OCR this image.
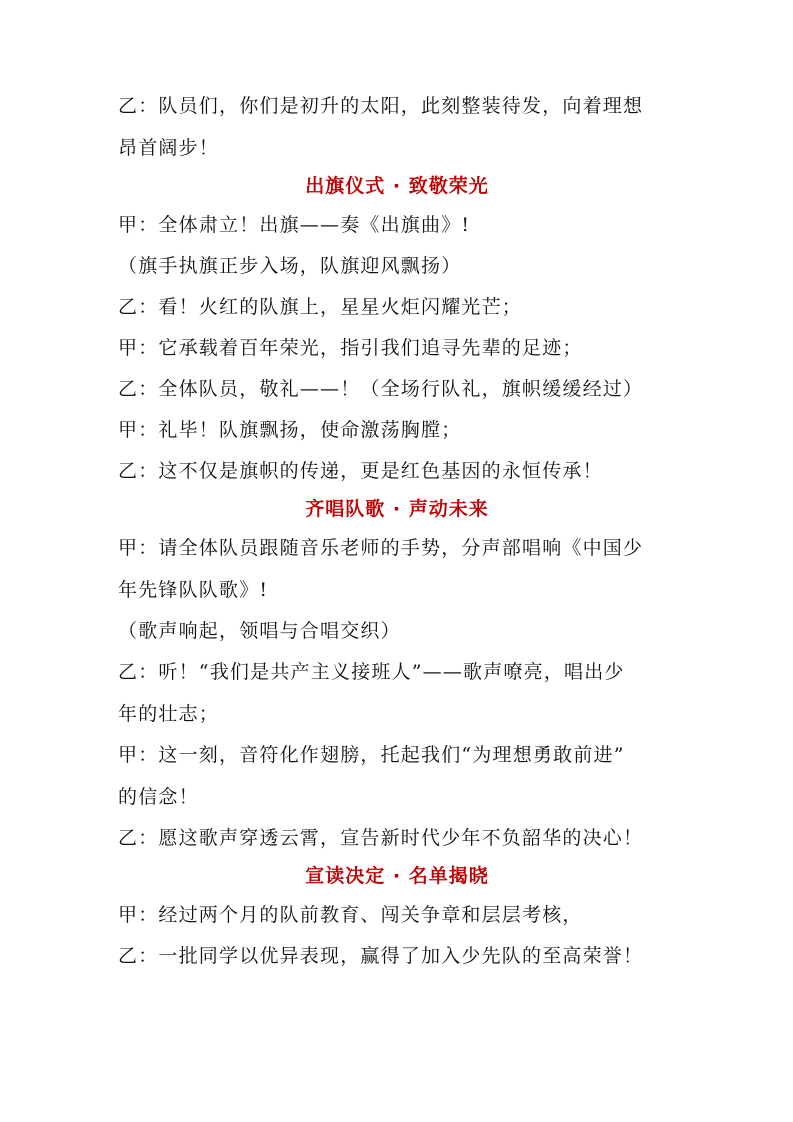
乙：队员们，你们是初升的太阳，此刻整装待发，向着理想
昂首阔步！
出旗仪式 · 致敬荣光
甲：全体肃立！出旗——奏《出旗曲》!
（旗手执旗正步入场，队旗迎风飘扬）
乙：看！火红的队旗上，星星火炬闪耀光芒；
甲：它承载着百年荣光，指引我们追寻先辈的足迹；
乙：全体队员，敬礼——！（全场行队礼，旗帜缓缓经过）
甲：礼毕！队旗飘扬，使命激荡胸膛；
乙：这不仅是旗帜的传递，更是红色基因的永恒传承！
齐唱队歌 · 声动未来
甲：请全体队员跟随音乐老师的手势，分声部唱响《中国少
年先锋队队歌》!
（歌声响起，领唱与合唱交织）
乙：听！“我们是共产主义接班人”——歌声嘹亮，唱出少
年的壮志；
甲：这一刻，音符化作翅膀，托起我们“为理想勇敢前进”
的信念！
乙：愿这歌声穿透云霄，宣告新时代少年不负韶华的决心！
宣读决定 · 名单揭晓
甲：经过两个月的队前教育、闯关争章和层层考核，
乙：一批同学以优异表现，赢得了加入少先队的至高荣誉！
